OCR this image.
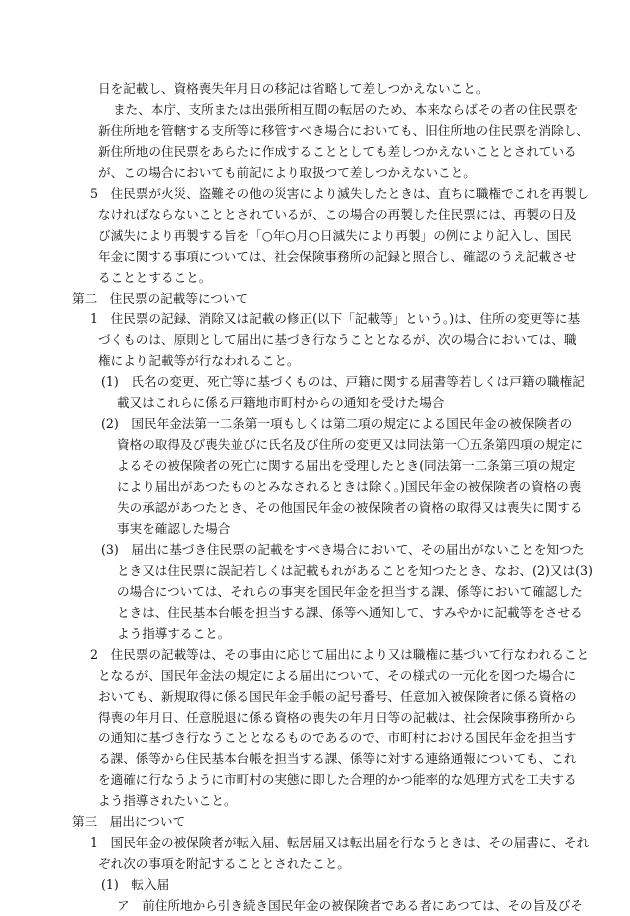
日を記載し、資格喪失年月日の移記は省略して差しつかえないこと。
また、本庁、支所または出張所相互間の転居のため、本来ならばその者の住民票を
新住所地を管轄する支所等に移管すべき場合においても、旧住所地の住民票を消除し、
新住所地の住民票をあらたに作成することとしても差しつかえないこととされている
が、この場合においても前記により取扱つて差しつかえないこと。
5　住民票が火災、盗難その他の災害により滅失したときは、直ちに職権でこれを再製し
なければならないこととされているが、この場合の再製した住民票には、再製の日及
び滅失により再製する旨を「○年○月○日滅失により再製」の例により記入し、国民
年金に関する事項については、社会保険事務所の記録と照合し、確認のうえ記載させ
ることとすること。
第二　住民票の記載等について
1　住民票の記録、消除又は記載の修正(以下「記載等」という。)は、住所の変更等に基
づくものは、原則として届出に基づき行なうこととなるが、次の場合においては、職
権により記載等が行なわれること。
(1)　氏名の変更、死亡等に基づくものは、戸籍に関する届書等若しくは戸籍の職権記
載又はこれらに係る戸籍地市町村からの通知を受けた場合
(2)　国民年金法第一二条第一項もしくは第二項の規定による国民年金の被保険者の
資格の取得及び喪失並びに氏名及び住所の変更又は同法第一〇五条第四項の規定に
よるその被保険者の死亡に関する届出を受理したとき(同法第一二条第三項の規定
により届出があつたものとみなされるときは除く。)国民年金の被保険者の資格の喪
失の承認があつたとき、その他国民年金の被保険者の資格の取得又は喪失に関する
事実を確認した場合
(3)　届出に基づき住民票の記載をすべき場合において、その届出がないことを知つた
とき又は住民票に誤記若しくは記載もれがあることを知つたとき、なお、(2)又は(3)
の場合については、それらの事実を国民年金を担当する課、係等において確認した
ときは、住民基本台帳を担当する課、係等へ通知して、すみやかに記載等をさせる
よう指導すること。
2　住民票の記載等は、その事由に応じて届出により又は職権に基づいて行なわれること
となるが、国民年金法の規定による届出について、その様式の一元化を図つた場合に
おいても、新規取得に係る国民年金手帳の記号番号、任意加入被保険者に係る資格の
得喪の年月日、任意脱退に係る資格の喪失の年月日等の記載は、社会保険事務所から
の通知に基づき行なうこととなるものであるので、市町村における国民年金を担当す
る課、係等から住民基本台帳を担当する課、係等に対する連絡通報についても、これ
を適確に行なうように市町村の実態に即した合理的かつ能率的な処理方式を工夫する
よう指導されたいこと。
第三　届出について
1　国民年金の被保険者が転入届、転居届又は転出届を行なうときは、その届書に、それ
ぞれ次の事項を附記することとされたこと。
(1)　転入届
ア　前住所地から引き続き国民年金の被保険者である者にあつては、その旨及びそ
